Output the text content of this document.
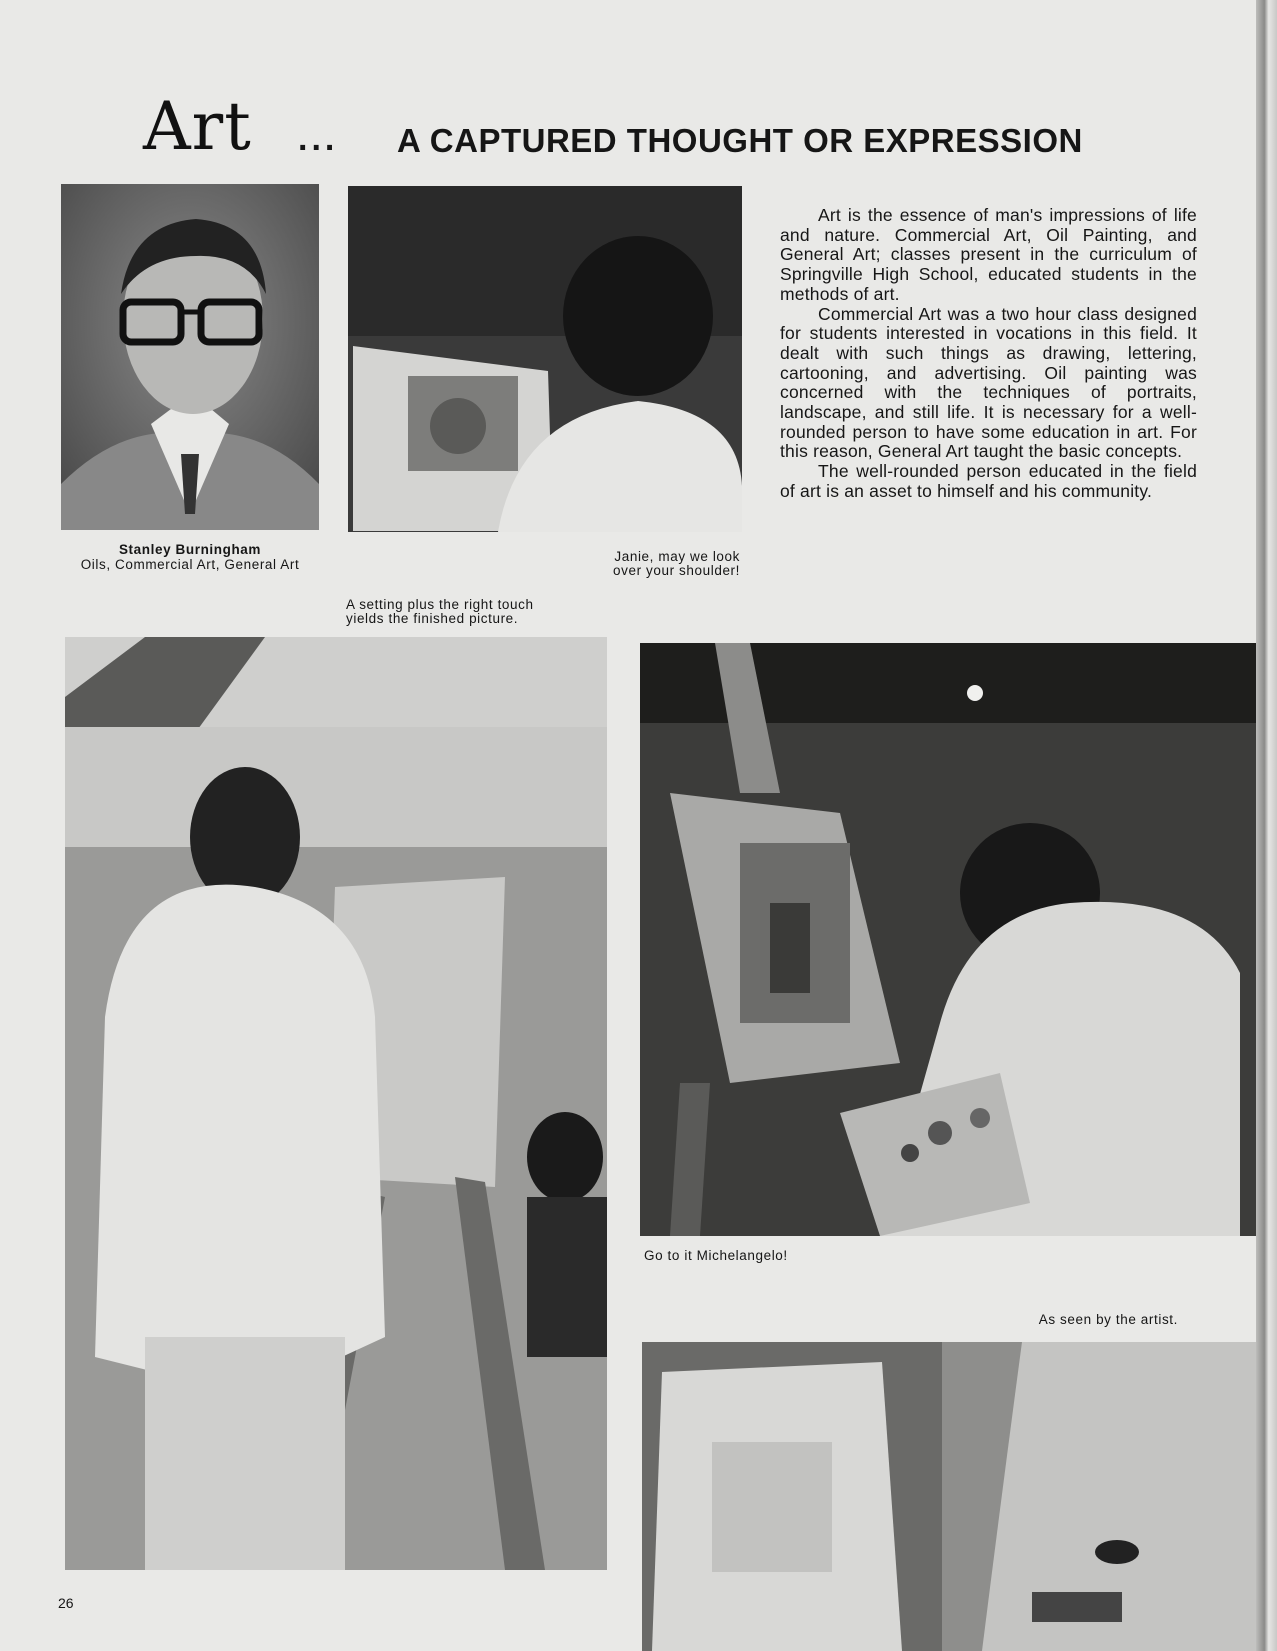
Art ... A CAPTURED THOUGHT OR EXPRESSION
Stanley Burningham
Oils, Commercial Art, General Art
Janie, may we look
over your shoulder!

Art is the essence of man's impressions of life and nature. Commercial Art, Oil Painting, and General Art; classes present in the curriculum of Springville High School, educated students in the methods of art.

Commercial Art was a two hour class designed for students interested in vocations in this field. It dealt with such things as drawing, lettering, cartooning, and advertising. Oil painting was concerned with the techniques of portraits, landscape, and still life. It is necessary for a well-rounded person to have some education in art. For this reason, General Art taught the basic concepts.

The well-rounded person educated in the field of art is an asset to himself and his community.

A setting plus the right touch
yields the finished picture.
Go to it Michelangelo!
As seen by the artist.
26
